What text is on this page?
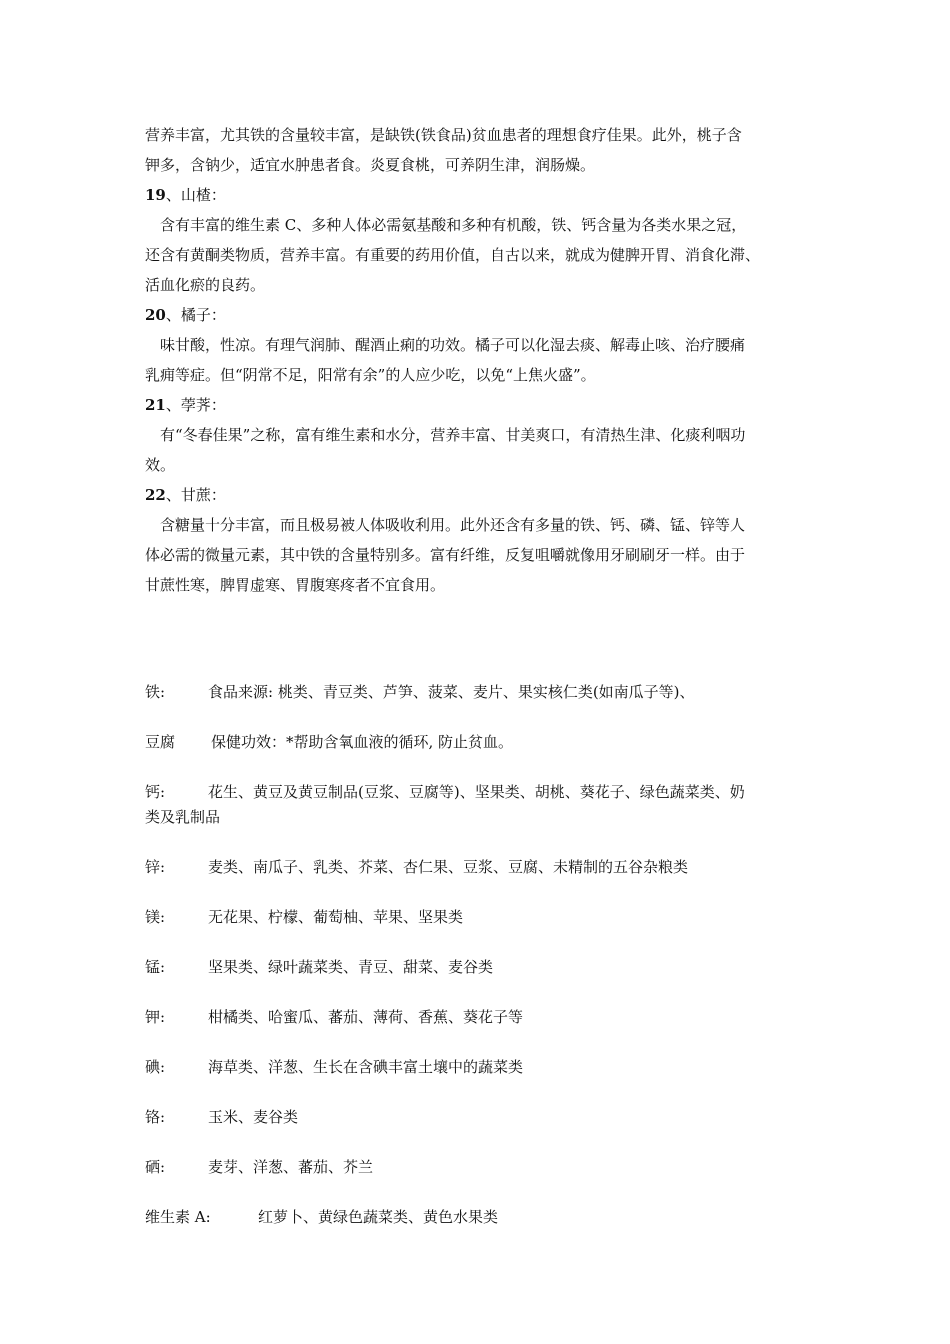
营养丰富，尤其铁的含量较丰富，是缺铁(铁食品)贫血患者的理想食疗佳果。此外，桃子含

钾多，含钠少，适宜水肿患者食。炎夏食桃，可养阴生津，润肠燥。

19、山楂：

含有丰富的维生素 C、多种人体必需氨基酸和多种有机酸，铁、钙含量为各类水果之冠，

还含有黄酮类物质，营养丰富。有重要的药用价值，自古以来，就成为健脾开胃、消食化滞、

活血化瘀的良药。

20、橘子：

味甘酸，性凉。有理气润肺、醒酒止痢的功效。橘子可以化湿去痰、解毒止咳、治疗腰痛

乳痈等症。但“阴常不足，阳常有余”的人应少吃，以免“上焦火盛”。

21、荸荠：

有“冬春佳果”之称，富有维生素和水分，营养丰富、甘美爽口，有清热生津、化痰利咽功

效。

22、甘蔗：

含糖量十分丰富，而且极易被人体吸收利用。此外还含有多量的铁、钙、磷、锰、锌等人

体必需的微量元素，其中铁的含量特别多。富有纤维，反复咀嚼就像用牙刷刷牙一样。由于

甘蔗性寒，脾胃虚寒、胃腹寒疼者不宜食用。

铁:	食品来源: 桃类、青豆类、芦笋、菠菜、麦片、果实核仁类(如南瓜子等)、

豆腐 保健功效：*帮助含氧血液的循环, 防止贫血。

钙:	花生、黄豆及黄豆制品(豆浆、豆腐等)、坚果类、胡桃、葵花子、绿色蔬菜类、奶
类及乳制品

锌:	麦类、南瓜子、乳类、芥菜、杏仁果、豆浆、豆腐、未精制的五谷杂粮类

镁:	无花果、柠檬、葡萄柚、苹果、坚果类

锰:	坚果类、绿叶蔬菜类、青豆、甜菜、麦谷类

钾:	柑橘类、哈蜜瓜、蕃茄、薄荷、香蕉、葵花子等

碘:	海草类、洋葱、生长在含碘丰富土壤中的蔬菜类

铬:	玉米、麦谷类

硒:	麦芽、洋葱、蕃茄、芥兰

维生素 A:	红萝卜、黄绿色蔬菜类、黄色水果类
